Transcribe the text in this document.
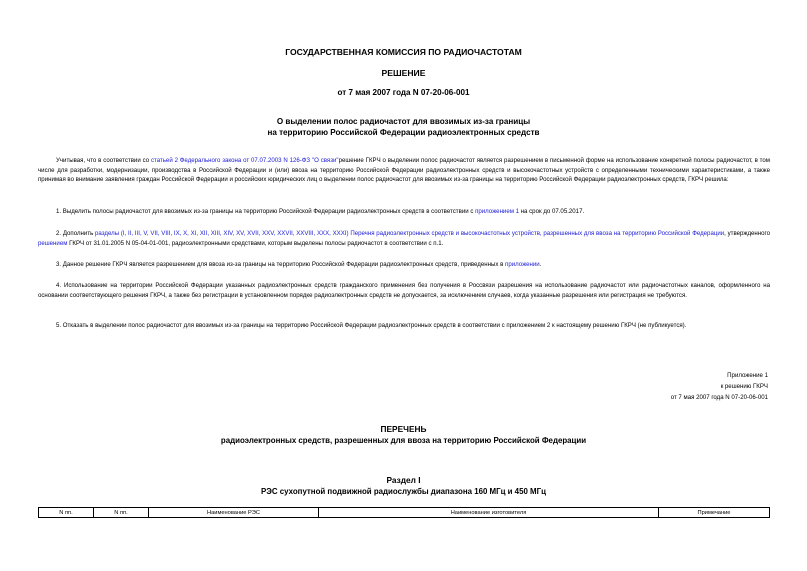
ГОСУДАРСТВЕННАЯ КОМИССИЯ ПО РАДИОЧАСТОТАМ
РЕШЕНИЕ
от 7 мая 2007 года N 07-20-06-001
О выделении полос радиочастот для ввозимых из-за границы
на территорию Российской Федерации радиоэлектронных средств
Учитывая, что в соответствии со статьей 2 Федерального закона от 07.07.2003 N 126-ФЗ "О связи"решение ГКРЧ о выделении полос радиочастот является разрешением в письменной форме на использование конкретной полосы радиочастот, в том числе для разработки, модернизации, производства в Российской Федерации и (или) ввоза на территорию Российской Федерации радиоэлектронных средств и высокочастотных устройств с определенными техническими характеристиками, а также принимая во внимание заявления граждан Российской Федерации и российских юридических лиц о выделении полос радиочастот для ввозимых из-за границы на территорию Российской Федерации радиоэлектронных средств, ГКРЧ решила:
1. Выделить полосы радиочастот для ввозимых из-за границы на территорию Российской Федерации радиоэлектронных средств в соответствии с приложением 1 на срок до 07.05.2017.
2. Дополнить разделы (I, II, III, V, VII, VIII, IX, X, XI, XII, XIII, XIV, XV, XVII, XXV, XXVII, XXVIII, XXX, XXXI) Перечня радиоэлектронных средств и высокочастотных устройств, разрешенных для ввоза на территорию Российской Федерации, утвержденного решением ГКРЧ от 31.01.2005 N 05-04-01-001, радиоэлектронными средствами, которым выделены полосы радиочастот в соответствии с п.1.
3. Данное решение ГКРЧ является разрешением для ввоза из-за границы на территорию Российской Федерации радиоэлектронных средств, приведенных в приложении.
4. Использование на территории Российской Федерации указанных радиоэлектронных средств гражданского применения без получения в Россвязи разрешения на использование радиочастот или радиочастотных каналов, оформленного на основании соответствующего решения ГКРЧ, а также без регистрации в установленном порядке радиоэлектронных средств не допускается, за исключением случаев, когда указанные разрешения или регистрация не требуются.
5. Отказать в выделении полос радиочастот для ввозимых из-за границы на территорию Российской Федерации радиоэлектронных средств в соответствии с приложением 2 к настоящему решению ГКРЧ (не публикуется).
Приложение 1
к решению ГКРЧ
от 7 мая 2007 года N 07-20-06-001
ПЕРЕЧЕНЬ
радиоэлектронных средств, разрешенных для ввоза на территорию Российской Федерации
Раздел I
РЭС сухопутной подвижной радиослужбы диапазона 160 МГц и 450 МГц
N пп.	N пп.	Наименование РЭС	Наименование изготовителя	Примечание
